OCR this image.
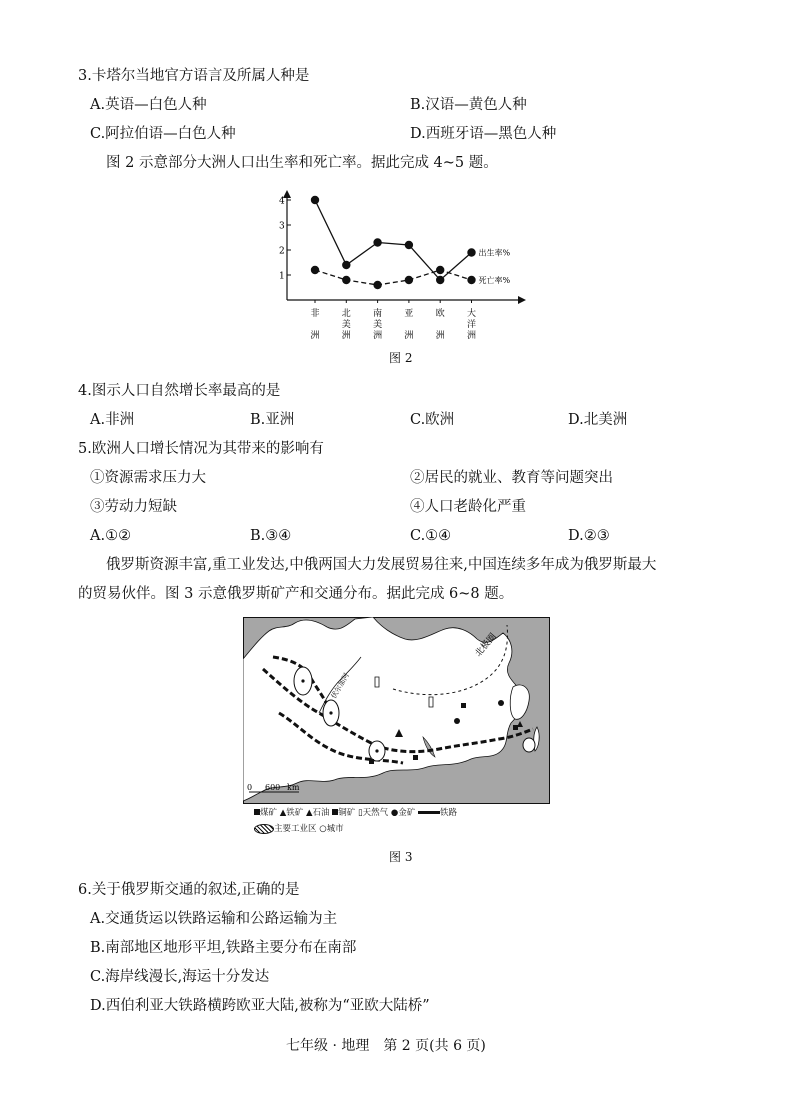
3.卡塔尔当地官方语言及所属人种是
A.英语—白色人种	B.汉语—黄色人种
C.阿拉伯语—白色人种	D.西班牙语—黑色人种
图 2 示意部分大洲人口出生率和死亡率。据此完成 4~5 题。
1
2
3
4
非
洲
北
美
洲
南
美
洲
亚
洲
欧
洲
大
洋
洲
出生率%
死亡率%
图 2
4.图示人口自然增长率最高的是
A.非洲	B.亚洲	C.欧洲	D.北美洲
5.欧洲人口增长情况为其带来的影响有
①资源需求压力大	②居民的就业、教育等问题突出
③劳动力短缺	④人口老龄化严重
A.①②	B.③④	C.①④	D.②③
俄罗斯资源丰富,重工业发达,中俄两国大力发展贸易往来,中国连续多年成为俄罗斯最大
的贸易伙伴。图 3 示意俄罗斯矿产和交通分布。据此完成 6~8 题。
北极圈
伏尔加河
0 600 km
煤矿 ▲铁矿 ▲石油 铜矿 ▯天然气 ●金矿	铁路
主要工业区 ○城市
图 3
6.关于俄罗斯交通的叙述,正确的是
A.交通货运以铁路运输和公路运输为主
B.南部地区地形平坦,铁路主要分布在南部
C.海岸线漫长,海运十分发达
D.西伯利亚大铁路横跨欧亚大陆,被称为“亚欧大陆桥”
七年级 · 地理　第 2 页(共 6 页)
